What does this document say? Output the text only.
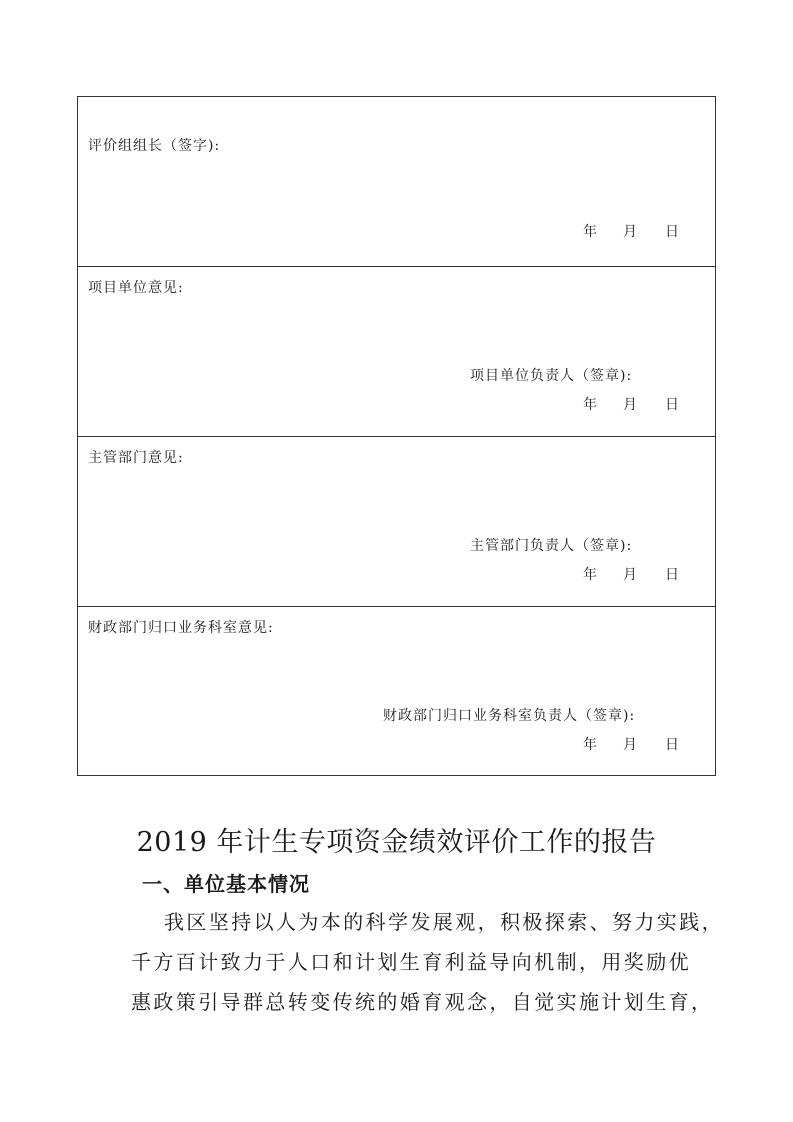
评价组组长（签字):
年 月 日
项目单位意见:
项目单位负责人（签章):
年 月 日
主管部门意见:
主管部门负责人（签章):
年 月 日
财政部门归口业务科室意见:
财政部门归口业务科室负责人（签章):
年 月 日
2019 年计生专项资金绩效评价工作的报告
一、单位基本情况

我区坚持以人为本的科学发展观，积极探索、努力实践，

千方百计致力于人口和计划生育利益导向机制，用奖励优

惠政策引导群总转变传统的婚育观念，自觉实施计划生育，
